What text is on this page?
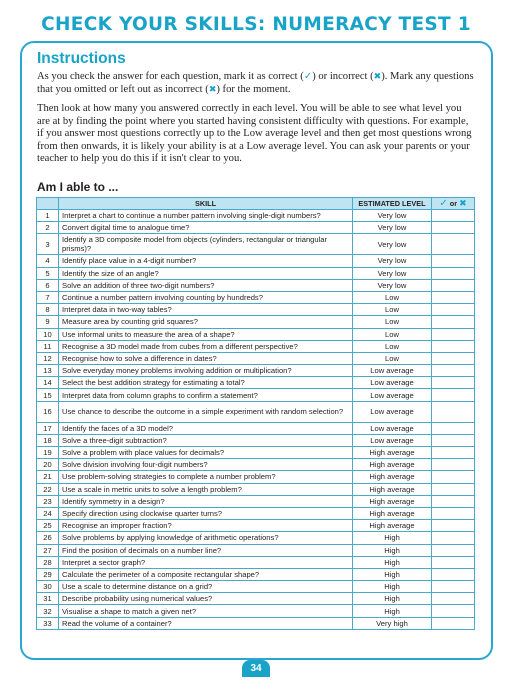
CHECK YOUR SKILLS: NUMERACY TEST 1
Instructions
As you check the answer for each question, mark it as correct (✓) or incorrect (✖). Mark any questions that you omitted or left out as incorrect (✖) for the moment.
Then look at how many you answered correctly in each level. You will be able to see what level you are at by finding the point where you started having consistent difficulty with questions. For example, if you answer most questions correctly up to the Low average level and then get most questions wrong from then onwards, it is likely your ability is at a Low average level. You can ask your parents or your teacher to help you do this if it isn't clear to you.
Am I able to ...
	SKILL	ESTIMATED LEVEL	✓ or ✖
1	Interpret a chart to continue a number pattern involving single-digit numbers?	Very low	
2	Convert digital time to analogue time?	Very low	
3	Identify a 3D composite model from objects (cylinders, rectangular or triangular prisms)?	Very low	
4	Identify place value in a 4-digit number?	Very low	
5	Identify the size of an angle?	Very low	
6	Solve an addition of three two-digit numbers?	Very low	
7	Continue a number pattern involving counting by hundreds?	Low	
8	Interpret data in two-way tables?	Low	
9	Measure area by counting grid squares?	Low	
10	Use informal units to measure the area of a shape?	Low	
11	Recognise a 3D model made from cubes from a different perspective?	Low	
12	Recognise how to solve a difference in dates?	Low	
13	Solve everyday money problems involving addition or multiplication?	Low average	
14	Select the best addition strategy for estimating a total?	Low average	
15	Interpret data from column graphs to confirm a statement?	Low average	
16	Use chance to describe the outcome in a simple experiment with random selection?	Low average	
17	Identify the faces of a 3D model?	Low average	
18	Solve a three-digit subtraction?	Low average	
19	Solve a problem with place values for decimals?	High average	
20	Solve division involving four-digit numbers?	High average	
21	Use problem-solving strategies to complete a number problem?	High average	
22	Use a scale in metric units to solve a length problem?	High average	
23	Identify symmetry in a design?	High average	
24	Specify direction using clockwise quarter turns?	High average	
25	Recognise an improper fraction?	High average	
26	Solve problems by applying knowledge of arithmetic operations?	High	
27	Find the position of decimals on a number line?	High	
28	Interpret a sector graph?	High	
29	Calculate the perimeter of a composite rectangular shape?	High	
30	Use a scale to determine distance on a grid?	High	
31	Describe probability using numerical values?	High	
32	Visualise a shape to match a given net?	High	
33	Read the volume of a container?	Very high	
34
